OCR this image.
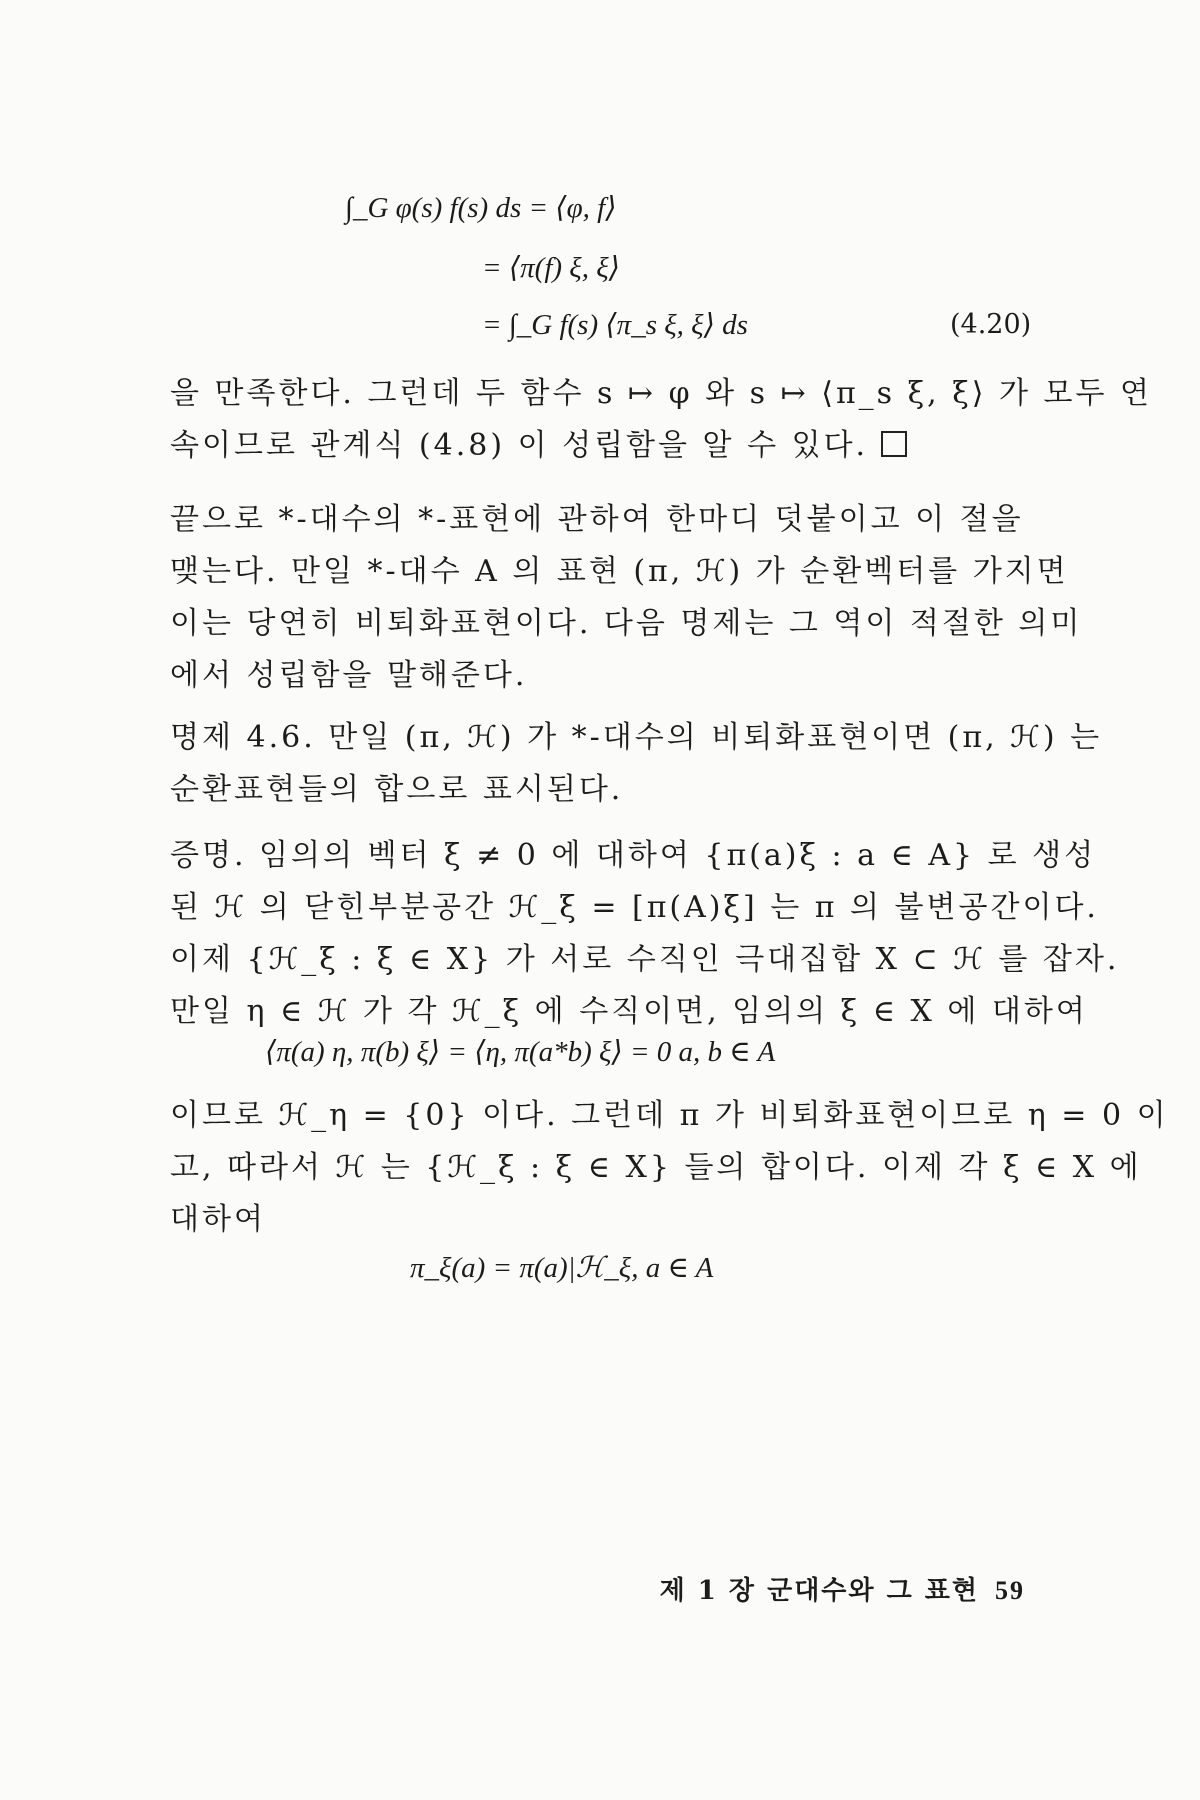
∫_G φ(s) f(s) ds = ⟨φ, f⟩
= ⟨π(f) ξ, ξ⟩
= ∫_G f(s) ⟨π_s ξ, ξ⟩ ds	(4.20)

을 만족한다. 그런데 두 함수 s ↦ φ 와 s ↦ ⟨π_s ξ, ξ⟩ 가 모두 연

속이므로 관계식 (4.8) 이 성립함을 알 수 있다.

끝으로 *-대수의 *-표현에 관하여 한마디 덧붙이고 이 절을

맺는다. 만일 *-대수 A 의 표현 (π, ℋ) 가 순환벡터를 가지면

이는 당연히 비퇴화표현이다. 다음 명제는 그 역이 적절한 의미

에서 성립함을 말해준다.

명제 4.6. 만일 (π, ℋ) 가 *-대수의 비퇴화표현이면 (π, ℋ) 는

순환표현들의 합으로 표시된다.

증명. 임의의 벡터 ξ ≠ 0 에 대하여 {π(a)ξ : a ∈ A} 로 생성

된 ℋ 의 닫힌부분공간 ℋ_ξ = [π(A)ξ] 는 π 의 불변공간이다.

이제 {ℋ_ξ : ξ ∈ X} 가 서로 수직인 극대집합 X ⊂ ℋ 를 잡자.

만일 η ∈ ℋ 가 각 ℋ_ξ 에 수직이면, 임의의 ξ ∈ X 에 대하여

⟨π(a) η, π(b) ξ⟩ = ⟨η, π(a*b) ξ⟩ = 0 a, b ∈ A

이므로 ℋ_η = {0} 이다. 그런데 π 가 비퇴화표현이므로 η = 0 이

고, 따라서 ℋ 는 {ℋ_ξ : ξ ∈ X} 들의 합이다. 이제 각 ξ ∈ X 에

대하여

π_ξ(a) = π(a)|ℋ_ξ, a ∈ A
제 1 장 군대수와 그 표현 59
